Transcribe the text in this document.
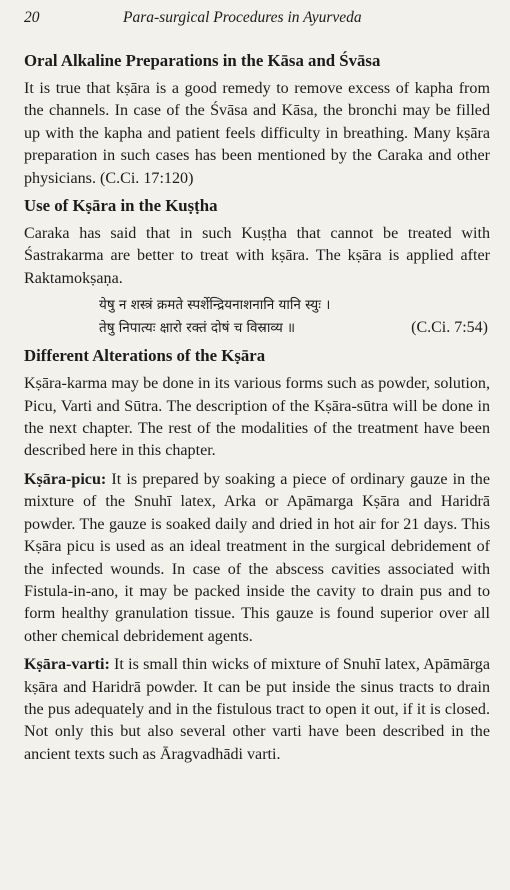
20	Para-surgical Procedures in Ayurveda
Oral Alkaline Preparations in the Kāsa and Śvāsa

It is true that kṣāra is a good remedy to remove excess of kapha from the channels. In case of the Śvāsa and Kāsa, the bronchi may be filled up with the kapha and patient feels difficulty in breathing. Many kṣāra preparation in such cases has been mentioned by the Caraka and other physicians. (C.Ci. 17:120)

Use of Kṣāra in the Kuṣṭha

Caraka has said that in such Kuṣṭha that cannot be treated with Śastrakarma are better to treat with kṣāra. The kṣāra is applied after Raktamokṣaṇa.

येषु न शस्त्रं क्रमते स्पर्शेन्द्रियनाशनानि यानि स्युः ।
तेषु निपात्यः क्षारो रक्तं दोषं च विस्राव्य ॥	(C.Ci. 7:54)
Different Alterations of the Kṣāra

Kṣāra-karma may be done in its various forms such as powder, solution, Picu, Varti and Sūtra. The description of the Kṣāra-sūtra will be done in the next chapter. The rest of the modalities of the treatment have been described here in this chapter.

Kṣāra-picu: It is prepared by soaking a piece of ordinary gauze in the mixture of the Snuhī latex, Arka or Apāmarga Kṣāra and Haridrā powder. The gauze is soaked daily and dried in hot air for 21 days. This Kṣāra picu is used as an ideal treatment in the surgical debridement of the infected wounds. In case of the abscess cavities associated with Fistula-in-ano, it may be packed inside the cavity to drain pus and to form healthy granulation tissue. This gauze is found superior over all other chemical debridement agents.

Kṣāra-varti: It is small thin wicks of mixture of Snuhī latex, Apāmārga kṣāra and Haridrā powder. It can be put inside the sinus tracts to drain the pus adequately and in the fistulous tract to open it out, if it is closed. Not only this but also several other varti have been described in the ancient texts such as Āragvadhādi varti.
